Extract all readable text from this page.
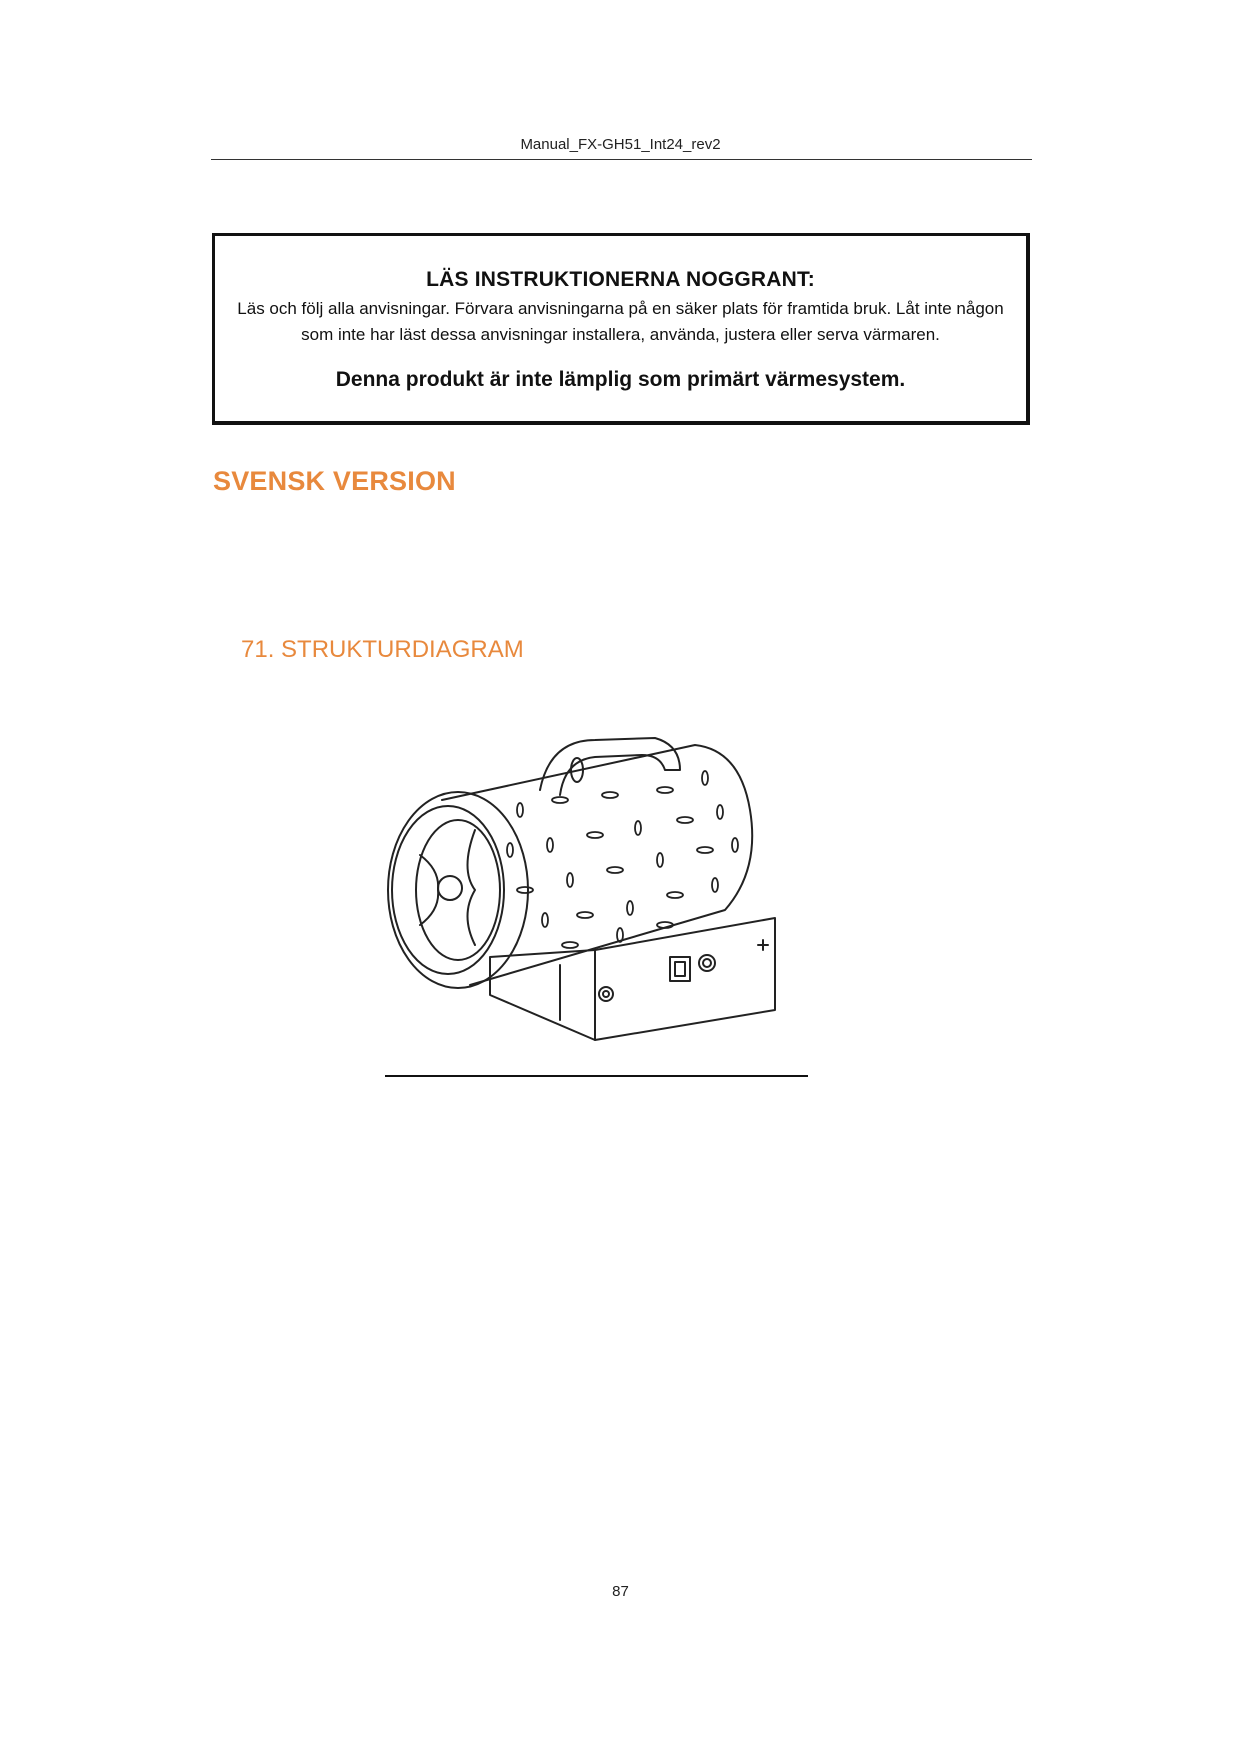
Manual_FX-GH51_Int24_rev2
LÄS INSTRUKTIONERNA NOGGRANT:
Läs och följ alla anvisningar. Förvara anvisningarna på en säker plats för framtida bruk. Låt inte någon som inte har läst dessa anvisningar installera, använda, justera eller serva värmaren.
Denna produkt är inte lämplig som primärt värmesystem.
SVENSK VERSION
71. STRUKTURDIAGRAM
87
